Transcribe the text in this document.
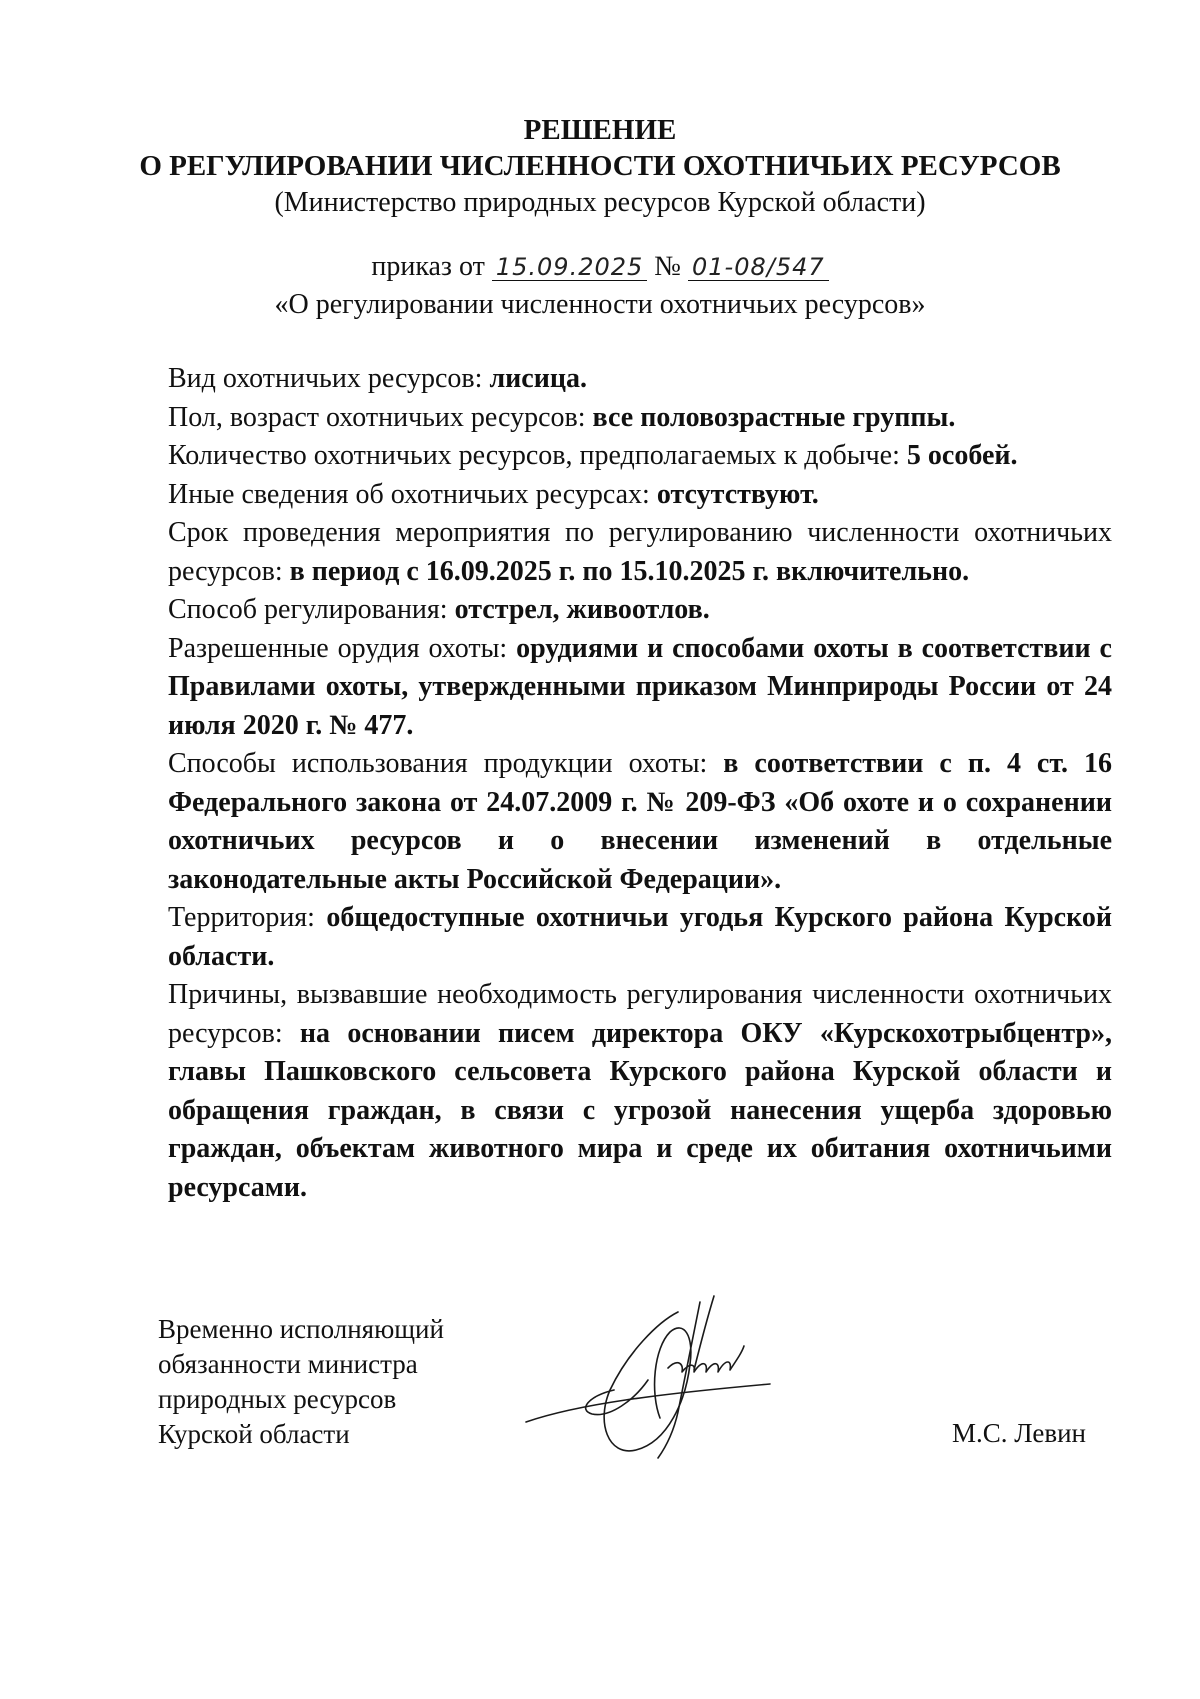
РЕШЕНИЕ

О РЕГУЛИРОВАНИИ ЧИСЛЕННОСТИ ОХОТНИЧЬИХ РЕСУРСОВ

(Министерство природных ресурсов Курской области)

приказ от 15.09.2025 № 01-08/547

«О регулировании численности охотничьих ресурсов»

Вид охотничьих ресурсов: лисица.

Пол, возраст охотничьих ресурсов: все половозрастные группы.

Количество охотничьих ресурсов, предполагаемых к добыче: 5 особей.

Иные сведения об охотничьих ресурсах: отсутствуют.

Срок проведения мероприятия по регулированию численности охотничьих ресурсов: в период с 16.09.2025 г. по 15.10.2025 г. включительно.

Способ регулирования: отстрел, живоотлов.

Разрешенные орудия охоты: орудиями и способами охоты в соответствии с Правилами охоты, утвержденными приказом Минприроды России от 24 июля 2020 г. № 477.

Способы использования продукции охоты: в соответствии с п. 4 ст. 16 Федерального закона от 24.07.2009 г. № 209-ФЗ «Об охоте и о сохранении охотничьих ресурсов и о внесении изменений в отдельные законодательные акты Российской Федерации».

Территория: общедоступные охотничьи угодья Курского района Курской области.

Причины, вызвавшие необходимость регулирования численности охотничьих ресурсов: на основании писем директора ОКУ «Курскохотрыбцентр», главы Пашковского сельсовета Курского района Курской области и обращения граждан, в связи с угрозой нанесения ущерба здоровью граждан, объектам животного мира и среде их обитания охотничьими ресурсами.

Временно исполняющий
обязанности министра
природных ресурсов
Курской области	М.С. Левин
